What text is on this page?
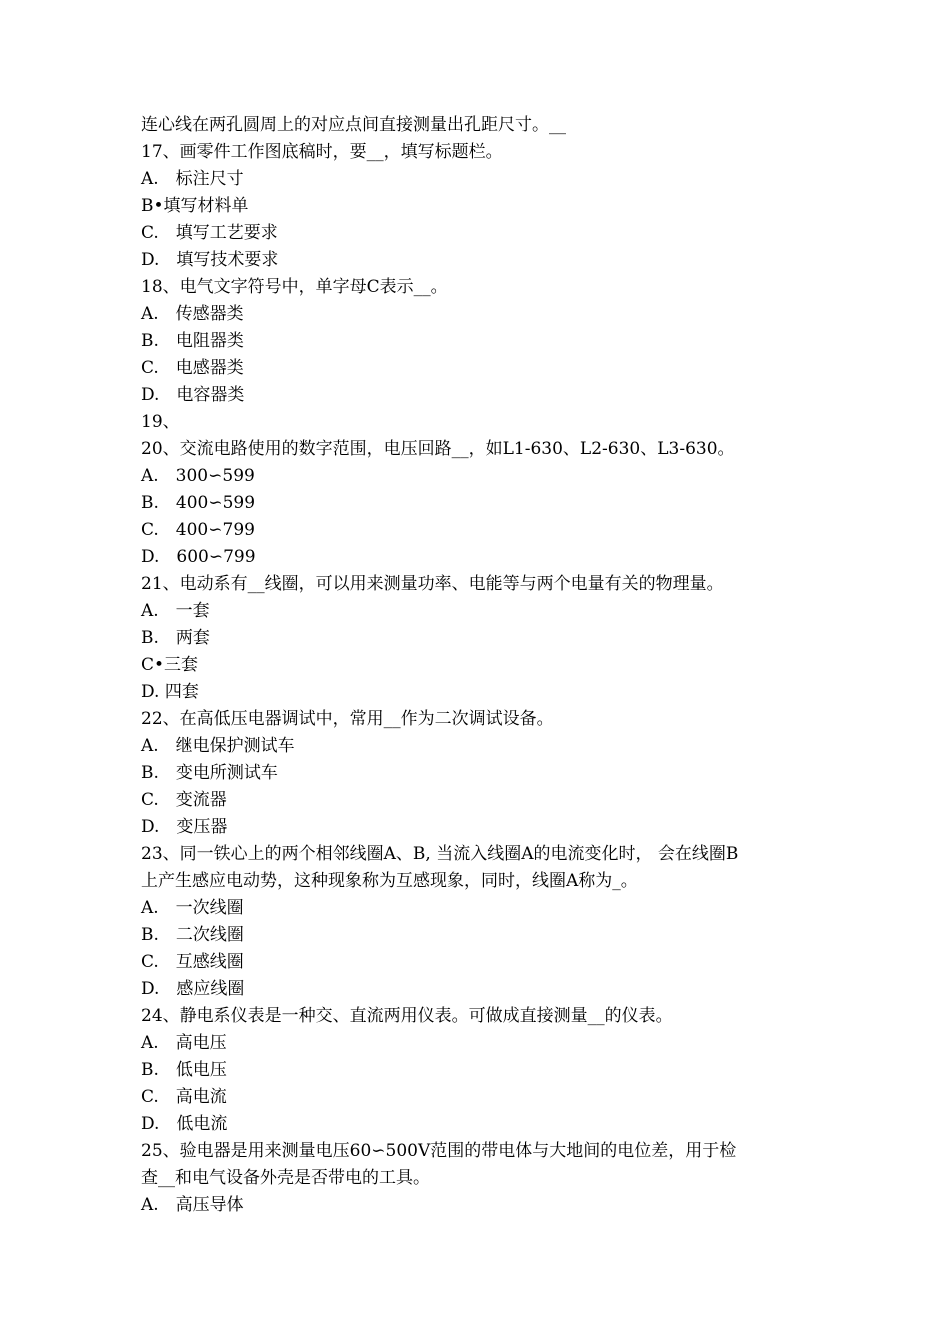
连心线在两孔圆周上的对应点间直接测量出孔距尺寸。__
17、画零件工作图底稿时，要__，填写标题栏。
A.　标注尺寸
B•填写材料单
C.　填写工艺要求
D.　填写技术要求
18、电气文字符号中，单字母C表示__。
A.　传感器类
B.　电阻器类
C.　电感器类
D.　电容器类
19、
20、交流电路使用的数字范围，电压回路__，如L1-630、L2-630、L3-630。
A.　300∽599
B.　400∽599
C.　400∽799
D.　600∽799
21、电动系有__线圈，可以用来测量功率、电能等与两个电量有关的物理量。
A.　一套
B.　两套
C•三套
D. 四套
22、在高低压电器调试中，常用__作为二次调试设备。
A.　继电保护测试车
B.　变电所测试车
C.　变流器
D.　变压器
23、同一铁心上的两个相邻线圈A、B, 当流入线圈A的电流变化时， 会在线圈B
上产生感应电动势，这种现象称为互感现象，同时，线圈A称为_。
A.　一次线圈
B.　二次线圈
C.　互感线圈
D.　感应线圈
24、静电系仪表是一种交、直流两用仪表。可做成直接测量__的仪表。
A.　高电压
B.　低电压
C.　高电流
D.　低电流
25、验电器是用来测量电压60∽500V范围的带电体与大地间的电位差，用于检
查__和电气设备外壳是否带电的工具。
A.　高压导体
